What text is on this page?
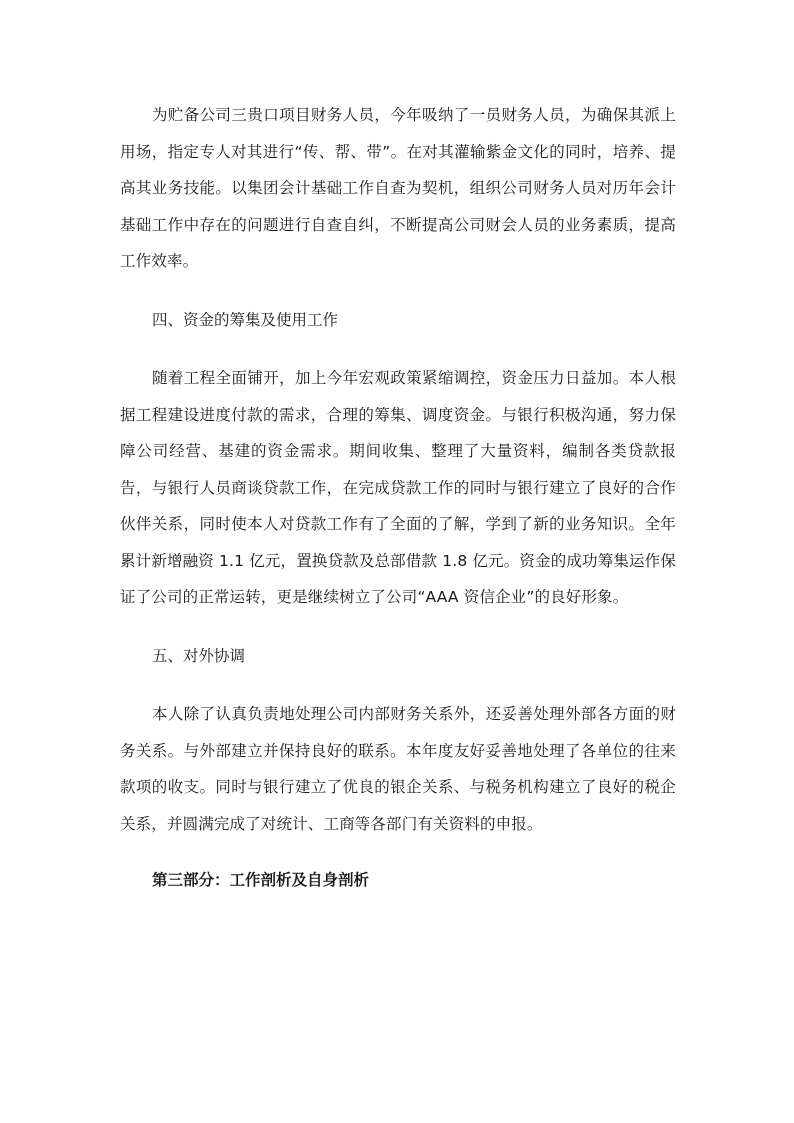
为贮备公司三贵口项目财务人员，今年吸纳了一员财务人员，为确保其派上用场，指定专人对其进行“传、帮、带”。在对其灌输紫金文化的同时，培养、提高其业务技能。以集团会计基础工作自查为契机，组织公司财务人员对历年会计基础工作中存在的问题进行自查自纠，不断提高公司财会人员的业务素质，提高工作效率。

四、资金的筹集及使用工作

随着工程全面铺开，加上今年宏观政策紧缩调控，资金压力日益加。本人根据工程建设进度付款的需求，合理的筹集、调度资金。与银行积极沟通，努力保障公司经营、基建的资金需求。期间收集、整理了大量资料，编制各类贷款报告，与银行人员商谈贷款工作，在完成贷款工作的同时与银行建立了良好的合作伙伴关系，同时使本人对贷款工作有了全面的了解，学到了新的业务知识。全年累计新增融资 1.1 亿元，置换贷款及总部借款 1.8 亿元。资金的成功筹集运作保证了公司的正常运转，更是继续树立了公司“AAA 资信企业”的良好形象。

五、对外协调

本人除了认真负责地处理公司内部财务关系外，还妥善处理外部各方面的财务关系。与外部建立并保持良好的联系。本年度友好妥善地处理了各单位的往来款项的收支。同时与银行建立了优良的银企关系、与税务机构建立了良好的税企关系，并圆满完成了对统计、工商等各部门有关资料的申报。

第三部分：工作剖析及自身剖析
